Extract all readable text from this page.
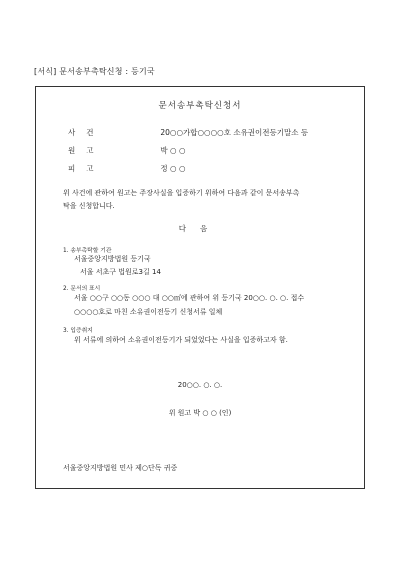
[서식] 문서송부촉탁신청 : 등기국
문서송부촉탁신청서
사건	20○○가합○○○○호 소유권이전등기말소 등
원고	박 ○ ○
피고	정 ○ ○
위 사건에 관하여 원고는 주장사실을 입증하기 위하여 다음과 같이 문서송부촉
탁을 신청합니다.
다음
1. 송부촉탁할 기관
서울중앙지방법원 등기국
서울 서초구 법원로3길 14
2. 문서의 표시
서울 ○○구 ○○동 ○○○ 대 ○○㎡에 관하여 위 등기국 20○○. ○. ○. 접수
○○○○호로 마친 소유권이전등기 신청서류 일체
3. 입증취지
위 서류에 의하여 소유권이전등기가 되었었다는 사실을 입증하고자 함.
20○○. ○. ○.
위 원고 박 ○ ○ (인)
서울중앙지방법원 민사 제○단독 귀중
